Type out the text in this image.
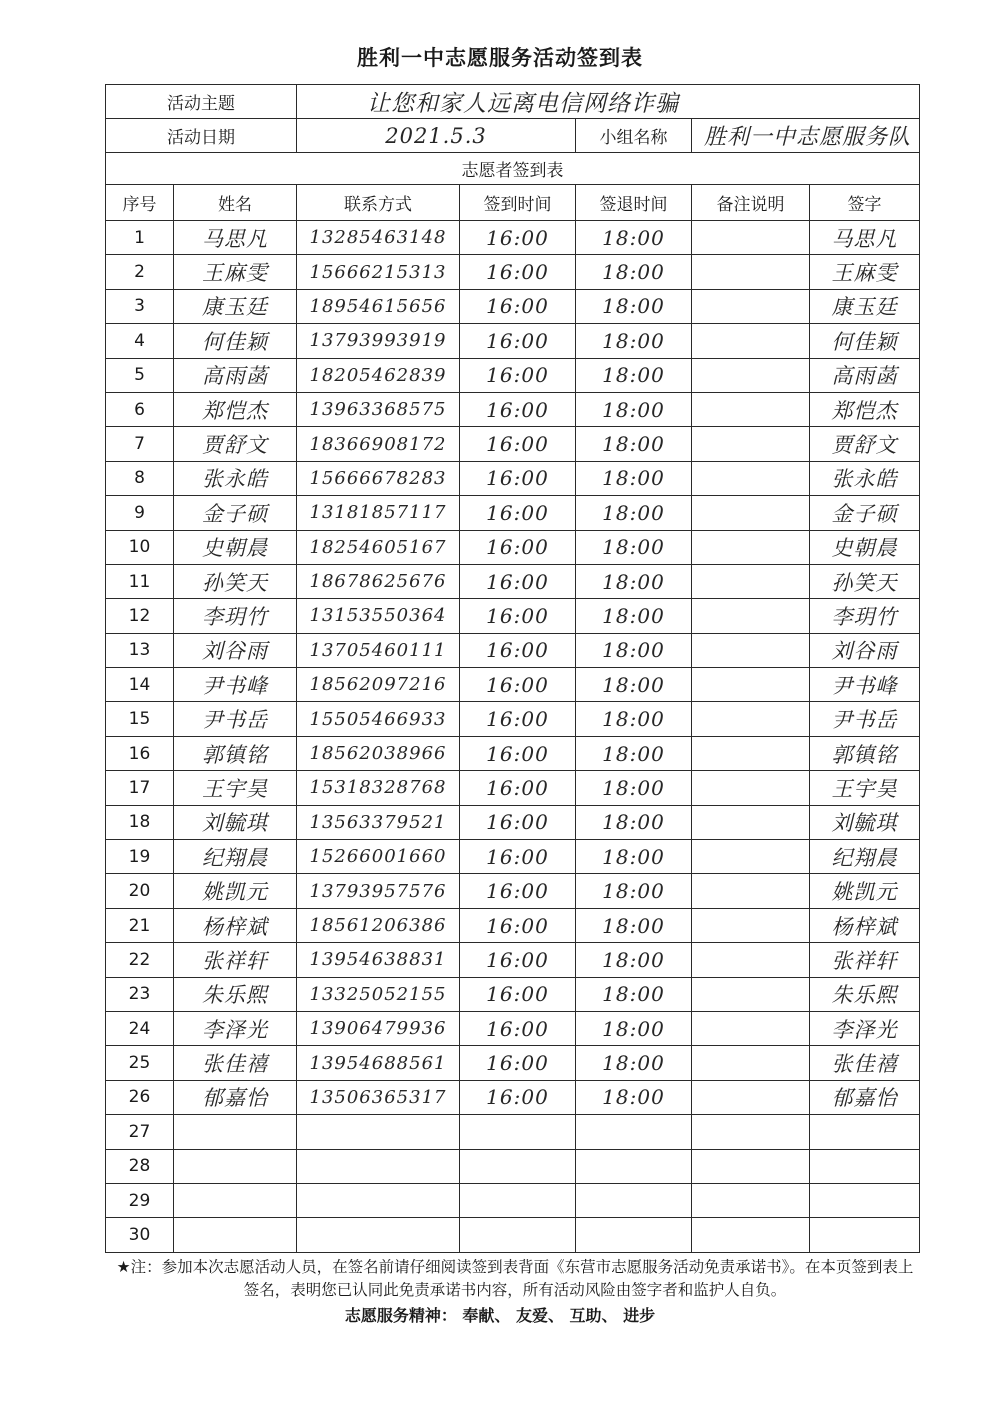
胜利一中志愿服务活动签到表
活动主题		让您和家人远离电信网络诈骗				
活动日期		2021.5.3		小组名称	胜利一中志愿服务队	
志愿者签到表						
序号	姓名	联系方式	签到时间	签退时间	备注说明	签字
1	马思凡	13285463148	16:00	18:00		马思凡
2	王麻雯	15666215313	16:00	18:00		王麻雯
3	康玉廷	18954615656	16:00	18:00		康玉廷
4	何佳颖	13793993919	16:00	18:00		何佳颖
5	高雨菡	18205462839	16:00	18:00		高雨菡
6	郑恺杰	13963368575	16:00	18:00		郑恺杰
7	贾舒文	18366908172	16:00	18:00		贾舒文
8	张永皓	15666678283	16:00	18:00		张永皓
9	金子硕	13181857117	16:00	18:00		金子硕
10	史朝晨	18254605167	16:00	18:00		史朝晨
11	孙笑天	18678625676	16:00	18:00		孙笑天
12	李玥竹	13153550364	16:00	18:00		李玥竹
13	刘谷雨	13705460111	16:00	18:00		刘谷雨
14	尹书峰	18562097216	16:00	18:00		尹书峰
15	尹书岳	15505466933	16:00	18:00		尹书岳
16	郭镇铭	18562038966	16:00	18:00		郭镇铭
17	王宇昊	15318328768	16:00	18:00		王宇昊
18	刘毓琪	13563379521	16:00	18:00		刘毓琪
19	纪翔晨	15266001660	16:00	18:00		纪翔晨
20	姚凯元	13793957576	16:00	18:00		姚凯元
21	杨梓斌	18561206386	16:00	18:00		杨梓斌
22	张祥轩	13954638831	16:00	18:00		张祥轩
23	朱乐熙	13325052155	16:00	18:00		朱乐熙
24	李泽光	13906479936	16:00	18:00		李泽光
25	张佳禧	13954688561	16:00	18:00		张佳禧
26	郁嘉怡	13506365317	16:00	18:00		郁嘉怡
27						
28						
29						
30						
★注：参加本次志愿活动人员，在签名前请仔细阅读签到表背面《东营市志愿服务活动免责承诺书》。在本页签到表上签名，表明您已认同此免责承诺书内容，所有活动风险由签字者和监护人自负。
志愿服务精神： 奉献、 友爱、 互助、 进步
